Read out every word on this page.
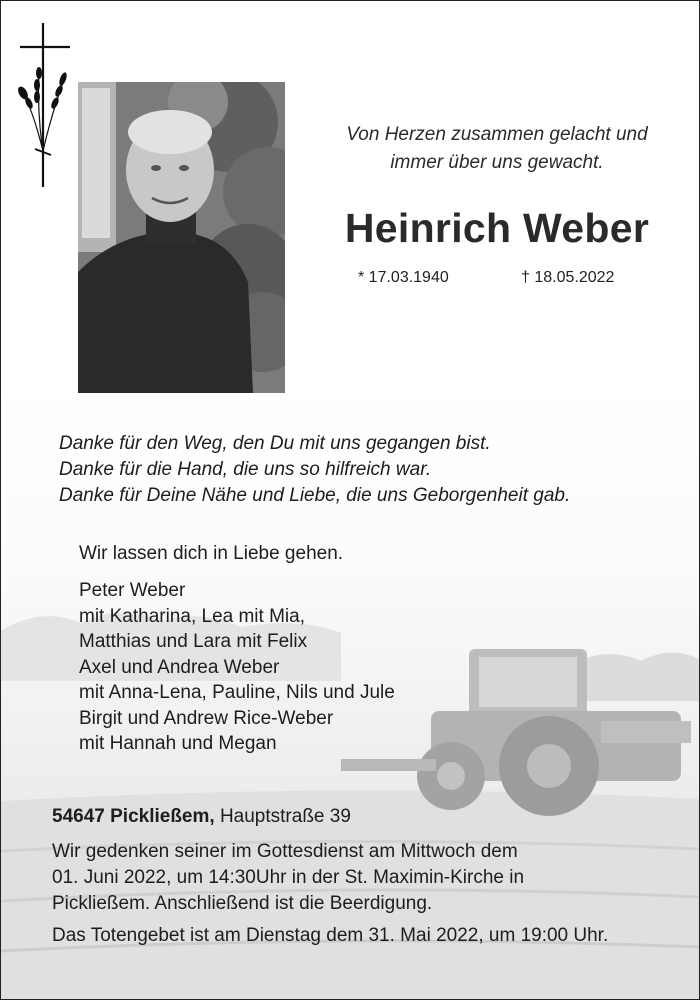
Von Herzen zusammen gelacht und
immer über uns gewacht.
Heinrich Weber
* 17.03.1940	† 18.05.2022
Danke für den Weg, den Du mit uns gegangen bist.
Danke für die Hand, die uns so hilfreich war.
Danke für Deine Nähe und Liebe, die uns Geborgenheit gab.
Wir lassen dich in Liebe gehen.
Peter Weber
mit Katharina, Lea mit Mia,
Matthias und Lara mit Felix
Axel und Andrea Weber
mit Anna-Lena, Pauline, Nils und Jule
Birgit und Andrew Rice-Weber
mit Hannah und Megan
54647 Pickließem, Hauptstraße 39
Wir gedenken seiner im Gottesdienst am Mittwoch dem
01. Juni 2022, um 14:30Uhr in der St. Maximin-Kirche in
Pickließem. Anschließend ist die Beerdigung.
Das Totengebet ist am Dienstag dem 31. Mai 2022, um 19:00 Uhr.
